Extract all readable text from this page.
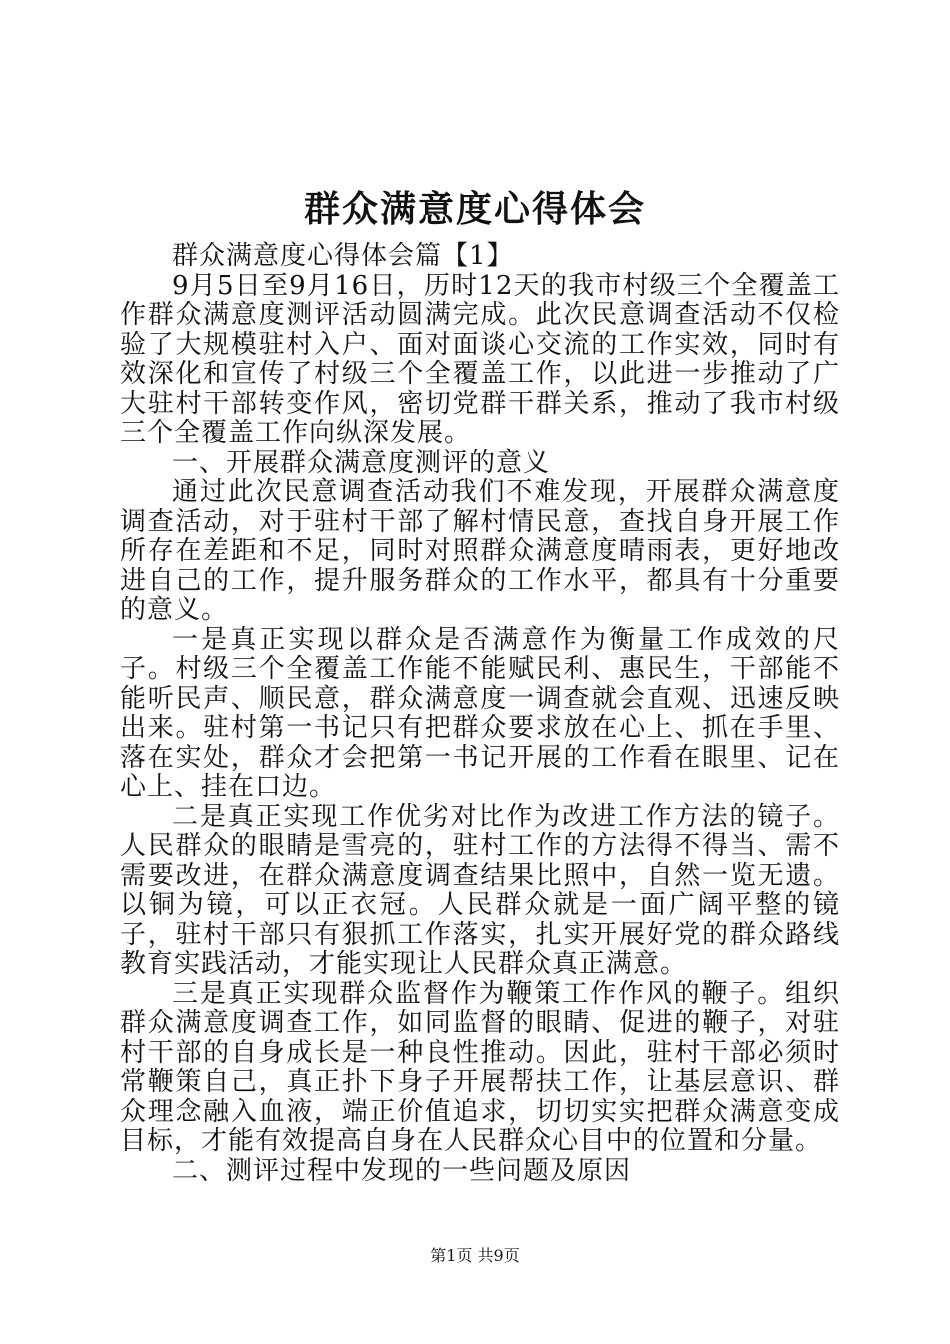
群众满意度心得体会

群众满意度心得体会篇【1】

9月5日至9月16日，历时12天的我市村级三个全覆盖工作群众满意度测评活动圆满完成。此次民意调查活动不仅检验了大规模驻村入户、面对面谈心交流的工作实效，同时有效深化和宣传了村级三个全覆盖工作，以此进一步推动了广大驻村干部转变作风，密切党群干群关系，推动了我市村级三个全覆盖工作向纵深发展。

一、开展群众满意度测评的意义

通过此次民意调查活动我们不难发现，开展群众满意度调查活动，对于驻村干部了解村情民意，查找自身开展工作所存在差距和不足，同时对照群众满意度晴雨表，更好地改进自己的工作，提升服务群众的工作水平，都具有十分重要的意义。

一是真正实现以群众是否满意作为衡量工作成效的尺子。村级三个全覆盖工作能不能赋民利、惠民生，干部能不能听民声、顺民意，群众满意度一调查就会直观、迅速反映出来。驻村第一书记只有把群众要求放在心上、抓在手里、落在实处，群众才会把第一书记开展的工作看在眼里、记在心上、挂在口边。

二是真正实现工作优劣对比作为改进工作方法的镜子。人民群众的眼睛是雪亮的，驻村工作的方法得不得当、需不需要改进，在群众满意度调查结果比照中，自然一览无遗。以铜为镜，可以正衣冠。人民群众就是一面广阔平整的镜子，驻村干部只有狠抓工作落实，扎实开展好党的群众路线教育实践活动，才能实现让人民群众真正满意。

三是真正实现群众监督作为鞭策工作作风的鞭子。组织群众满意度调查工作，如同监督的眼睛、促进的鞭子，对驻村干部的自身成长是一种良性推动。因此，驻村干部必须时常鞭策自己，真正扑下身子开展帮扶工作，让基层意识、群众理念融入血液，端正价值追求，切切实实把群众满意变成目标，才能有效提高自身在人民群众心目中的位置和分量。

二、测评过程中发现的一些问题及原因

第1页 共9页
